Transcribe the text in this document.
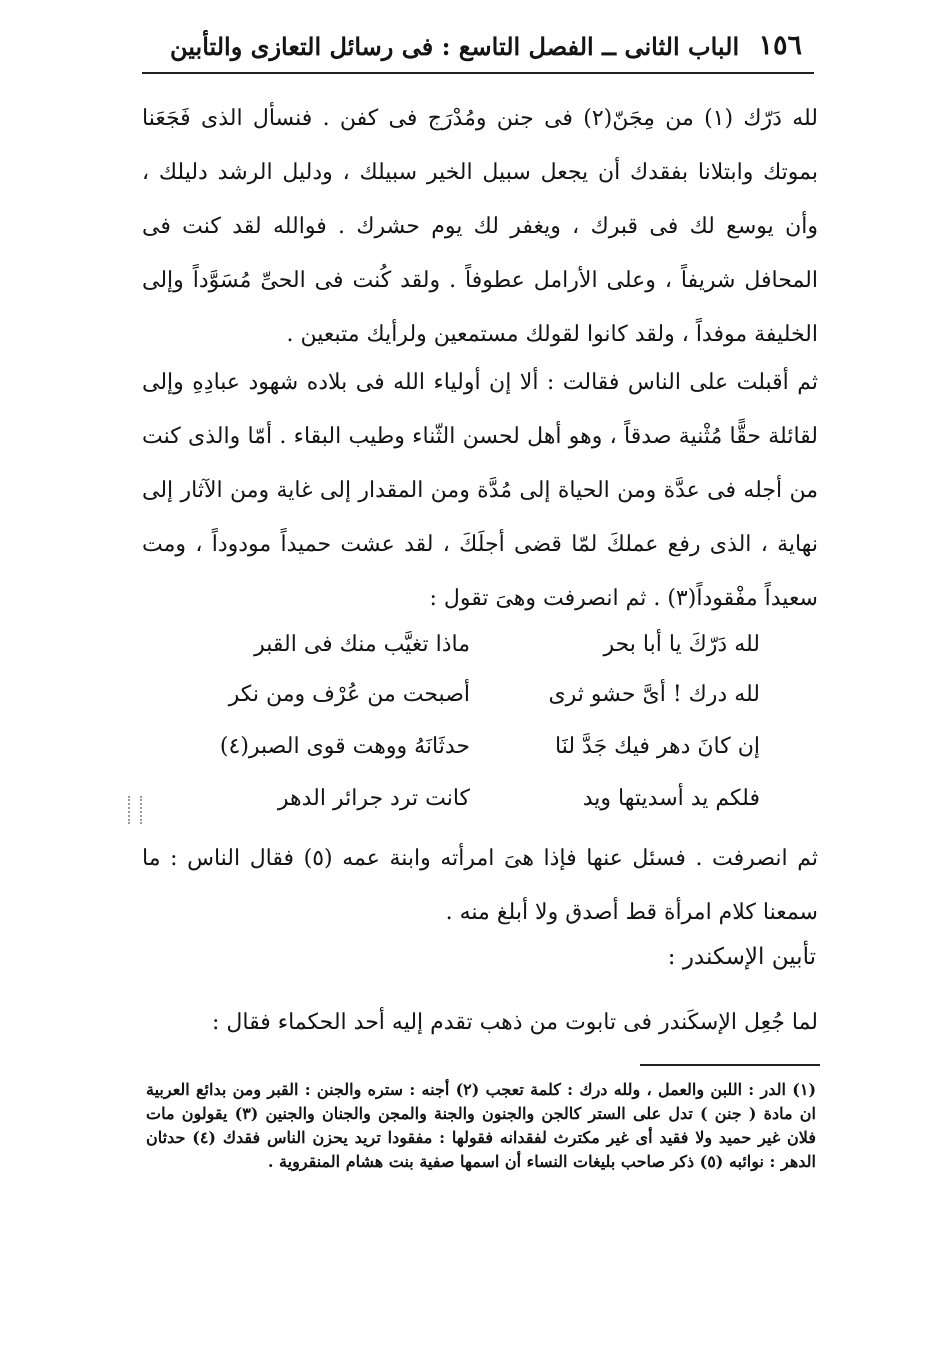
١٥٦
الباب الثانى ــ الفصل التاسع : فى رسائل التعازى والتأبين

لله دَرّك (١) من مِجَنّ(٢) فى جنن ومُدْرَج فى كفن . فنسأل الذى فَجَعَنا بموتك وابتلانا بفقدك أن يجعل سبيل الخير سبيلك ، ودليل الرشد دليلك ، وأن يوسع لك فى قبرك ، ويغفر لك يوم حشرك . فوالله لقد كنت فى المحافل شريفاً ، وعلى الأرامل عطوفاً . ولقد كُنت فى الحىِّ مُسَوَّداً وإلى الخليفة موفداً ، ولقد كانوا لقولك مستمعين ولرأيك متبعين .

ثم أقبلت على الناس فقالت : ألا إن أولياء الله فى بلاده شهود عبادِهِ وإلى لقائلة حقًّا مُثْنية صدقاً ، وهو أهل لحسن الثّناء وطيب البقاء . أمّا والذى كنت من أجله فى عدَّة ومن الحياة إلى مُدَّة ومن المقدار إلى غاية ومن الآثار إلى نهاية ، الذى رفع عملكَ لمّا قضى أجلَكَ ، لقد عشت حميداً مودوداً ، ومت سعيداً مفْقوداً(٣) . ثم انصرفت وهىَ تقول :

لله دَرّكَ يا أبا بحر
ماذا تغيَّب منك فى القبر
لله درك ! أىَّ حشو ثرى
أصبحت من عُرْف ومن نكر
إن كانَ دهر فيك جَدَّ لنَا
حدثَانَهُ ووهت قوى الصبر(٤)
فلكم يد أسديتها ويد
كانت ترد جرائر الدهر

ثم انصرفت . فسئل عنها فإذا هىَ امرأته وابنة عمه (٥) فقال الناس : ما سمعنا كلام امرأة قط أصدق ولا أبلغ منه .

تأبين الإسكندر :
لما جُعِل الإسكَندر فى تابوت من ذهب تقدم إليه أحد الحكماء فقال :

(١) الدر : اللبن والعمل ، ولله درك : كلمة تعجب (٢) أجنه : ستره والجنن : القبر ومن بدائع العربية ان مادة ( جنن ) تدل على الستر كالجن والجنون والجنة والمجن والجنان والجنين (٣) يقولون مات فلان غير حميد ولا فقيد أى غير مكترث لفقدانه فقولها : مفقودا تريد يحزن الناس فقدك (٤) حدثان الدهر : نوائبه (٥) ذكر صاحب بليغات النساء أن اسمها صفية بنت هشام المنقروية .
